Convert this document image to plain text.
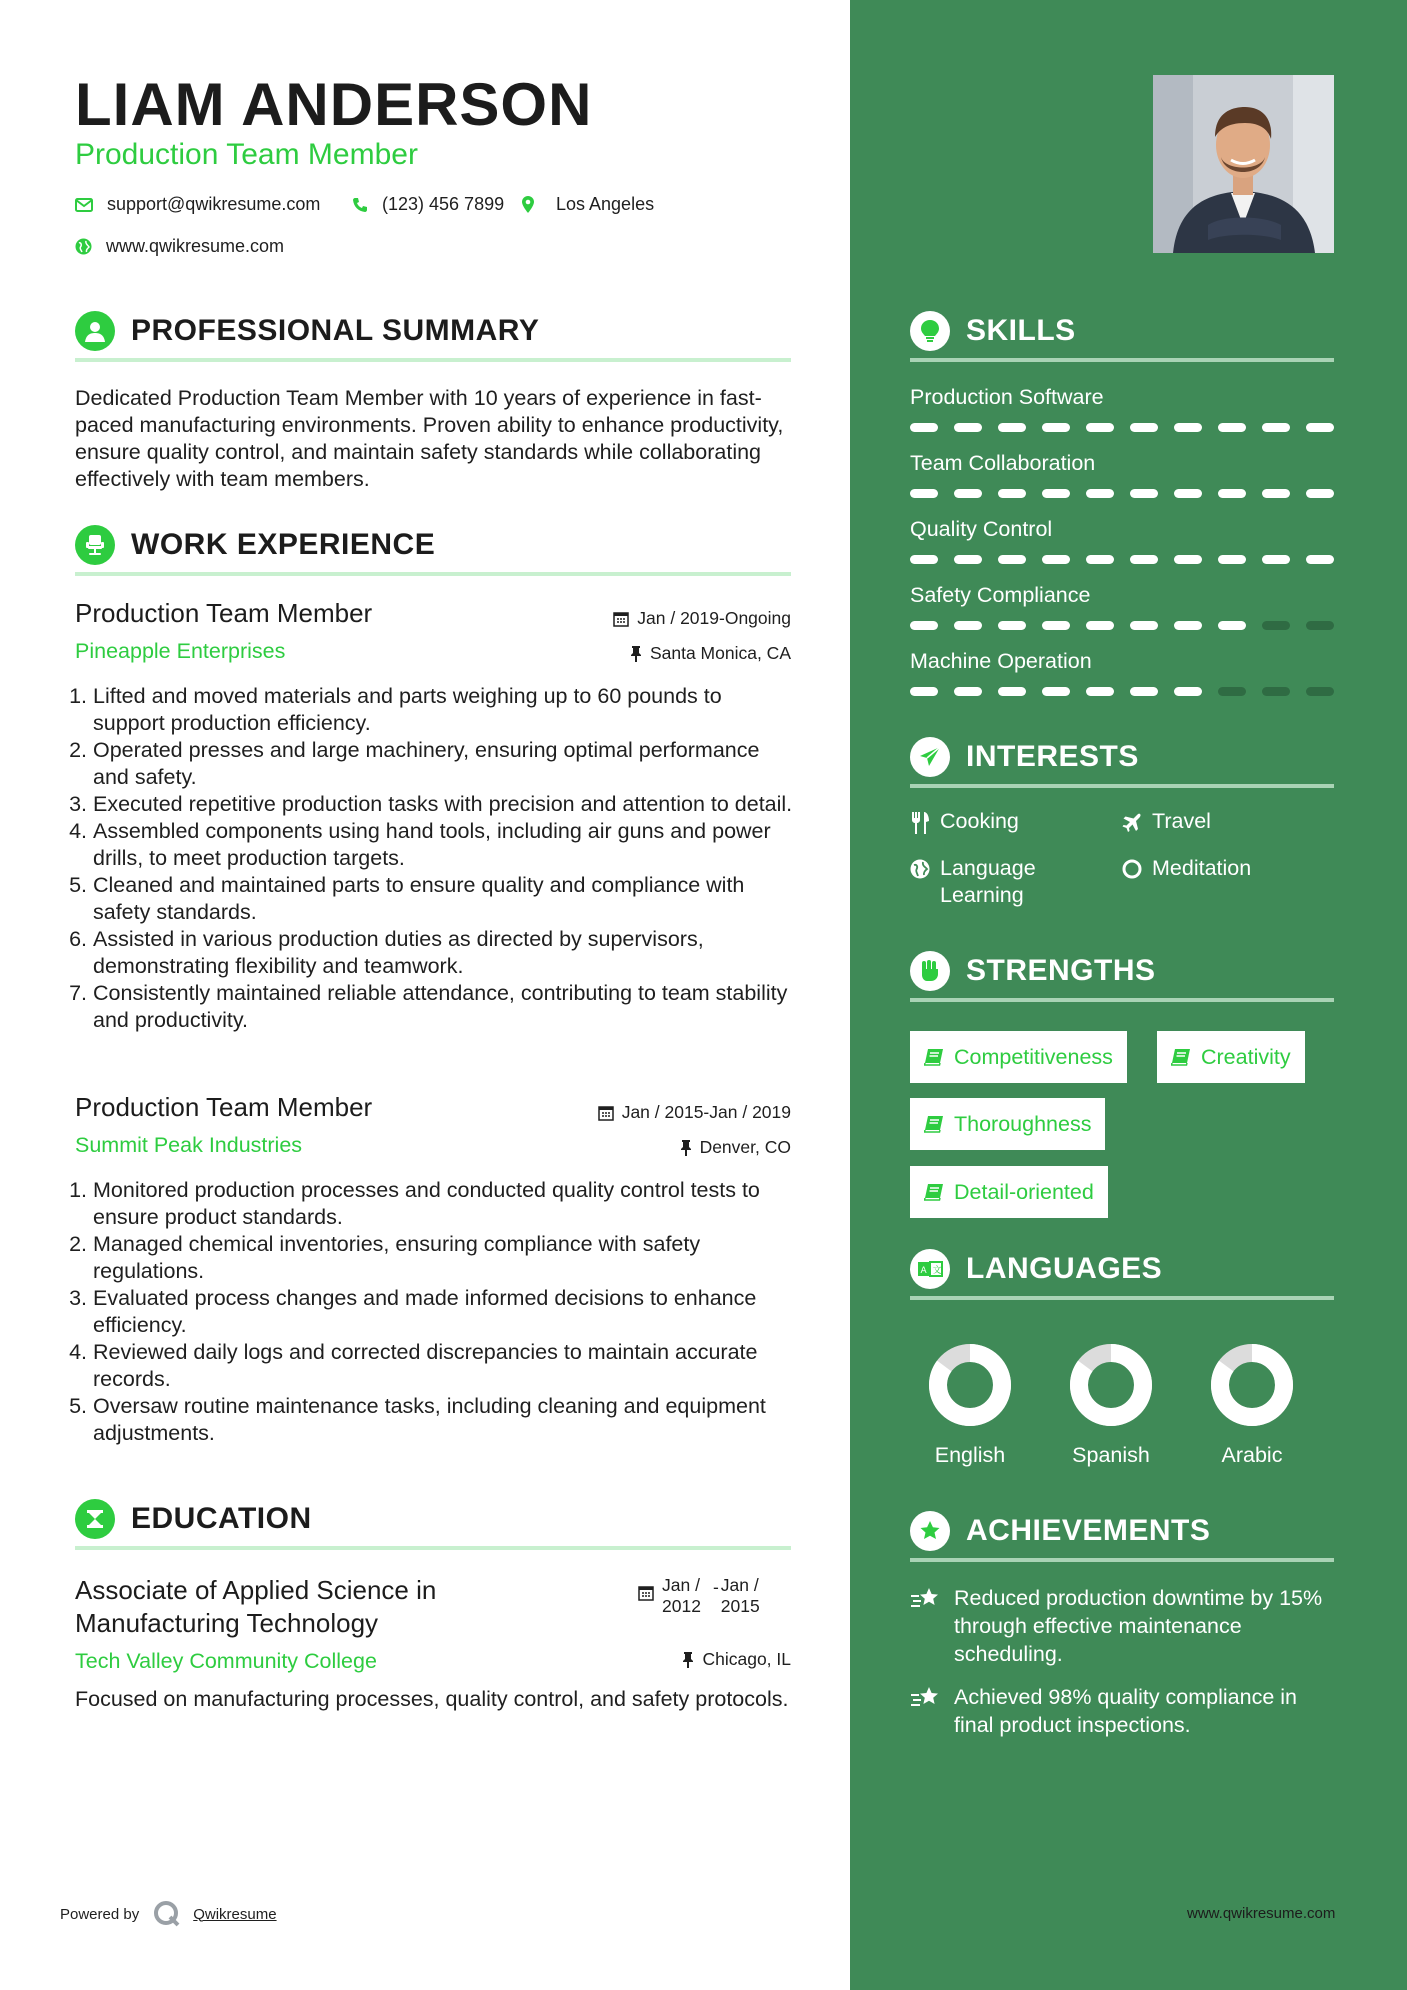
LIAM ANDERSON
Production Team Member
support@qwikresume.com	(123) 456 7899	Los Angeles
www.qwikresume.com
PROFESSIONAL SUMMARY
Dedicated Production Team Member with 10 years of experience in fast-paced manufacturing environments. Proven ability to enhance productivity, ensure quality control, and maintain safety standards while collaborating effectively with team members.
WORK EXPERIENCE
Production Team Member	Jan / 2019-Ongoing
Pineapple Enterprises	Santa Monica, CA
1. Lifted and moved materials and parts weighing up to 60 pounds to support production efficiency.
2. Operated presses and large machinery, ensuring optimal performance and safety.
3. Executed repetitive production tasks with precision and attention to detail.
4. Assembled components using hand tools, including air guns and power drills, to meet production targets.
5. Cleaned and maintained parts to ensure quality and compliance with safety standards.
6. Assisted in various production duties as directed by supervisors, demonstrating flexibility and teamwork.
7. Consistently maintained reliable attendance, contributing to team stability and productivity.
Production Team Member	Jan / 2015-Jan / 2019
Summit Peak Industries	Denver, CO
1. Monitored production processes and conducted quality control tests to ensure product standards.
2. Managed chemical inventories, ensuring compliance with safety regulations.
3. Evaluated process changes and made informed decisions to enhance efficiency.
4. Reviewed daily logs and corrected discrepancies to maintain accurate records.
5. Oversaw routine maintenance tasks, including cleaning and equipment adjustments.
EDUCATION
Associate of Applied Science in
Manufacturing Technology
Jan /
2012
- Jan /
2015
Tech Valley Community College	Chicago, IL
Focused on manufacturing processes, quality control, and safety protocols.
Powered by	Qwikresume
SKILLS
Production Software
Team Collaboration
Quality Control
Safety Compliance
Machine Operation
INTERESTS
Cooking	Travel
Language
Learning
Meditation
STRENGTHS
Competitiveness	Creativity
Thoroughness
Detail-oriented
A 文 LANGUAGES
English	Spanish	Arabic
ACHIEVEMENTS
Reduced production downtime by 15% through effective maintenance scheduling.
Achieved 98% quality compliance in final product inspections.
www.qwikresume.com
